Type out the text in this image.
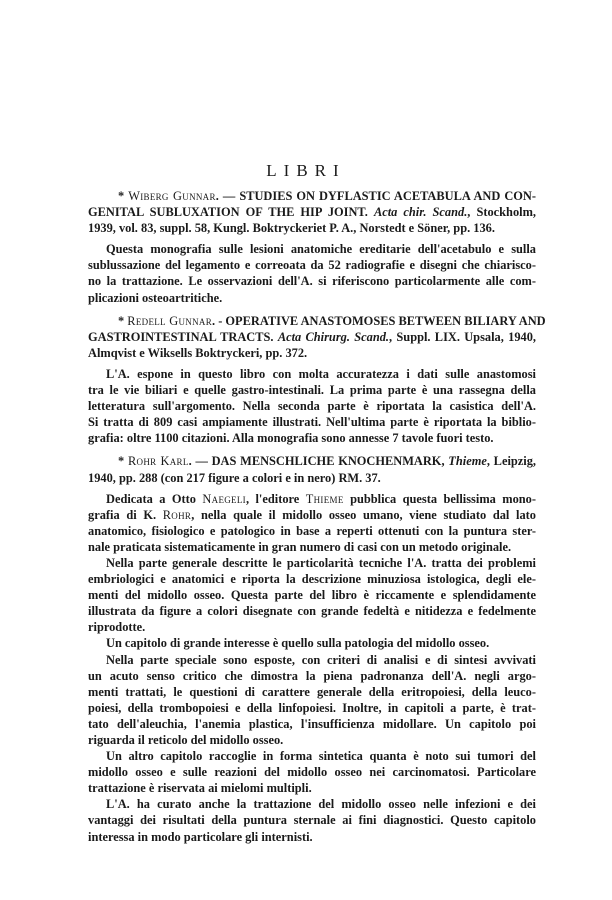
LIBRI
* Wiberg Gunnar. — STUDIES ON DYFLASTIC ACETABULA AND CON-
GENITAL SUBLUXATION OF THE HIP JOINT. Acta chir. Scand., Stockholm,
1939, vol. 83, suppl. 58, Kungl. Boktryckeriet P. A., Norstedt e Söner, pp. 136.
Questa monografia sulle lesioni anatomiche ereditarie dell'acetabulo e sulla
sublussazione del legamento e correoata da 52 radiografie e disegni che chiarisco-
no la trattazione. Le osservazioni dell'A. si riferiscono particolarmente alle com-
plicazioni osteoartritiche.
* Redell Gunnar. - OPERATIVE ANASTOMOSES BETWEEN BILIARY AND
GASTROINTESTINAL TRACTS. Acta Chirurg. Scand., Suppl. LIX. Upsala, 1940,
Almqvist e Wiksells Boktryckeri, pp. 372.
L'A. espone in questo libro con molta accuratezza i dati sulle anastomosi
tra le vie biliari e quelle gastro-intestinali. La prima parte è una rassegna della
letteratura sull'argomento. Nella seconda parte è riportata la casistica dell'A.
Si tratta di 809 casi ampiamente illustrati. Nell'ultima parte è riportata la biblio-
grafia: oltre 1100 citazioni. Alla monografia sono annesse 7 tavole fuori testo.
* Rohr Karl. — DAS MENSCHLICHE KNOCHENMARK, Thieme, Leipzig,
1940, pp. 288 (con 217 figure a colori e in nero) RM. 37.
Dedicata a Otto Naegeli, l'editore Thieme pubblica questa bellissima mono-
grafia di K. Rohr, nella quale il midollo osseo umano, viene studiato dal lato
anatomico, fisiologico e patologico in base a reperti ottenuti con la puntura ster-
nale praticata sistematicamente in gran numero di casi con un metodo originale.
Nella parte generale descritte le particolarità tecniche l'A. tratta dei problemi
embriologici e anatomici e riporta la descrizione minuziosa istologica, degli ele-
menti del midollo osseo. Questa parte del libro è riccamente e splendidamente
illustrata da figure a colori disegnate con grande fedeltà e nitidezza e fedelmente
riprodotte.
Un capitolo di grande interesse è quello sulla patologia del midollo osseo.
Nella parte speciale sono esposte, con criteri di analisi e di sintesi avvivati
un acuto senso critico che dimostra la piena padronanza dell'A. negli argo-
menti trattati, le questioni di carattere generale della eritropoiesi, della leuco-
poiesi, della trombopoiesi e della linfopoiesi. Inoltre, in capitoli a parte, è trat-
tato dell'aleuchia, l'anemia plastica, l'insufficienza midollare. Un capitolo poi
riguarda il reticolo del midollo osseo.
Un altro capitolo raccoglie in forma sintetica quanta è noto sui tumori del
midollo osseo e sulle reazioni del midollo osseo nei carcinomatosi. Particolare
trattazione è riservata ai mielomi multipli.
L'A. ha curato anche la trattazione del midollo osseo nelle infezioni e dei
vantaggi dei risultati della puntura sternale ai fini diagnostici. Questo capitolo
interessa in modo particolare gli internisti.
